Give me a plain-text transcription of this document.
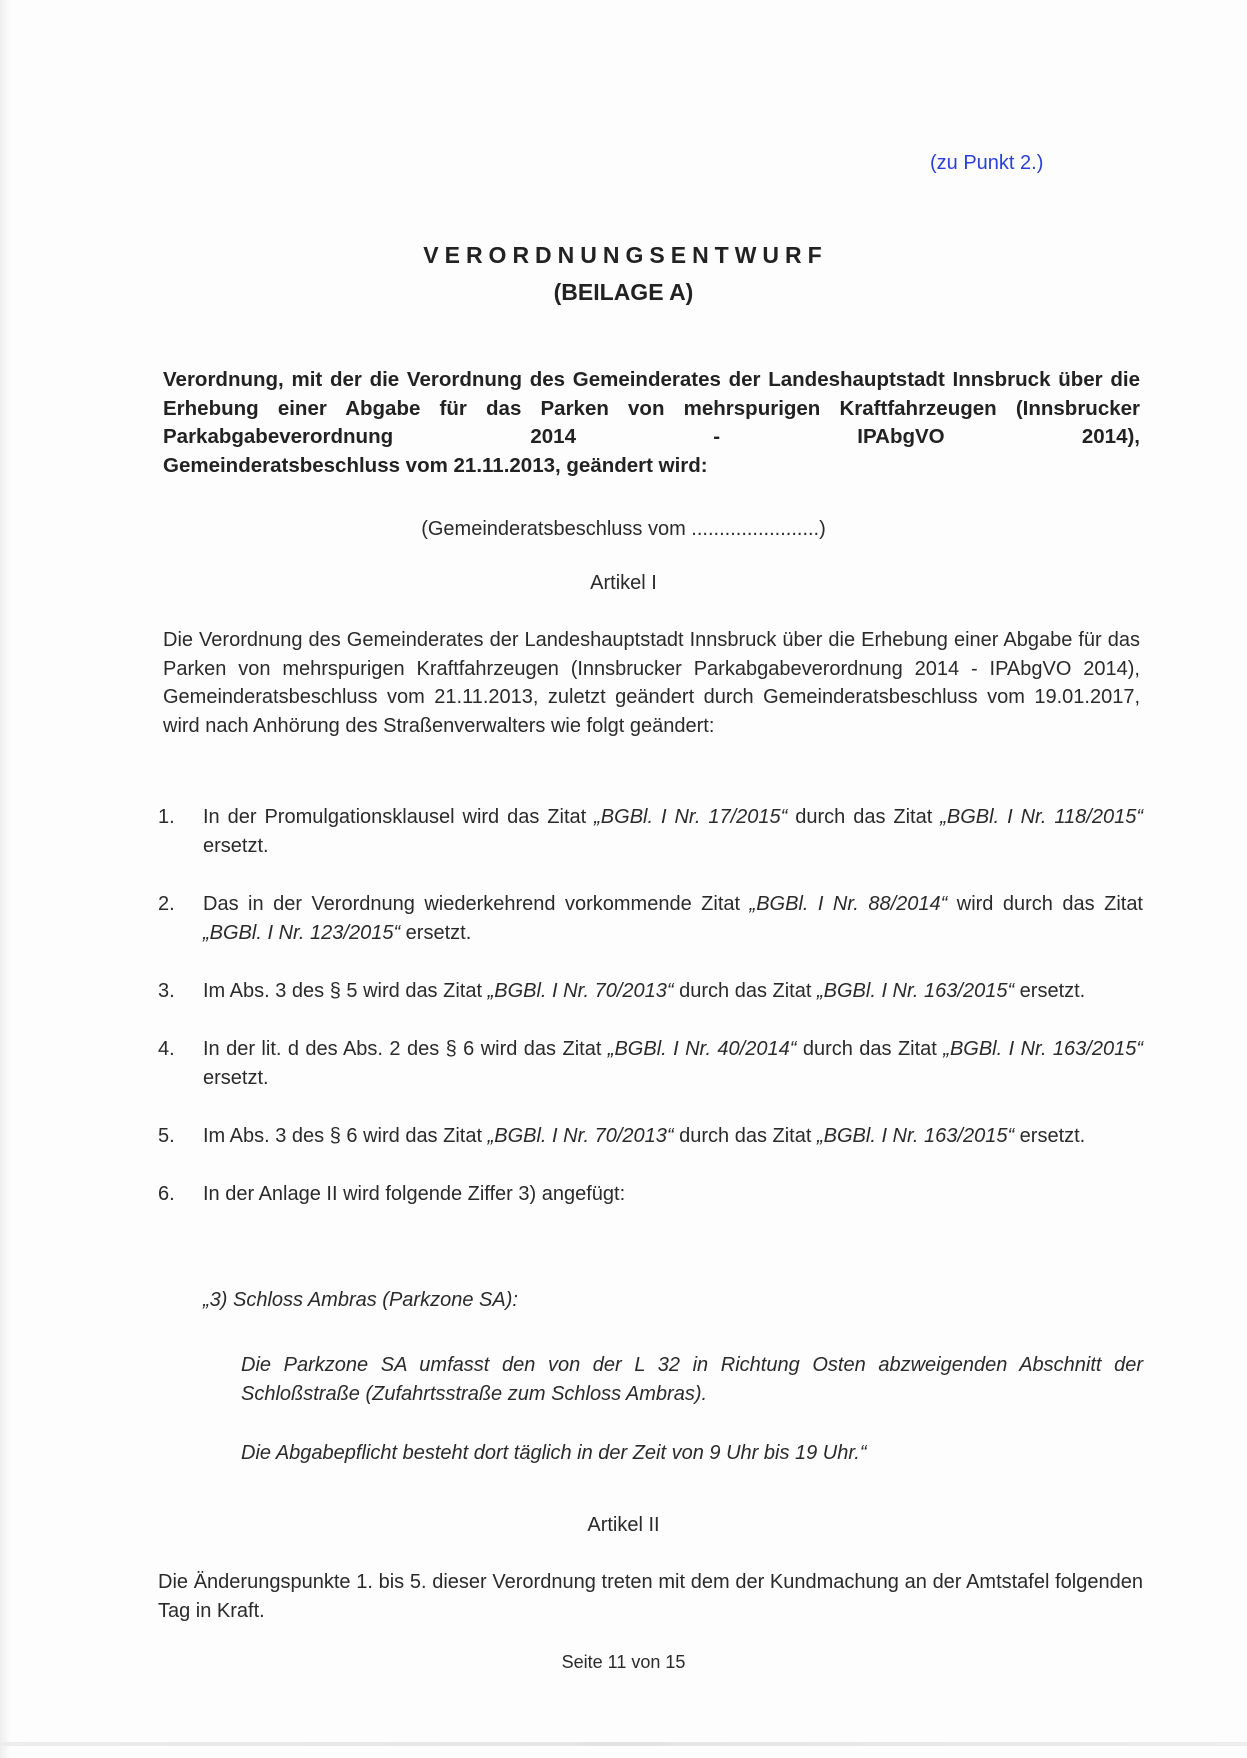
(zu Punkt 2.)
VERORDNUNGSENTWURF
(BEILAGE A)
Verordnung, mit der die Verordnung des Gemeinderates der Landeshauptstadt Innsbruck über die Erhebung einer Abgabe für das Parken von mehrspurigen Kraftfahrzeugen (Innsbrucker Parkabgabeverordnung 2014 - IPAbgVO 2014),
Gemeinderatsbeschluss vom 21.11.2013, geändert wird:
(Gemeinderatsbeschluss vom .......................)
Artikel I
Die Verordnung des Gemeinderates der Landeshauptstadt Innsbruck über die Erhebung einer Abgabe für das Parken von mehrspurigen Kraftfahrzeugen (Innsbrucker Parkabgabeverordnung 2014 - IPAbgVO 2014), Gemeinderatsbeschluss vom 21.11.2013, zuletzt geändert durch Gemeinderatsbeschluss vom 19.01.2017, wird nach Anhörung des Straßenverwalters wie folgt geändert:
1.	In der Promulgationsklausel wird das Zitat „BGBl. I Nr. 17/2015“ durch das Zitat „BGBl. I Nr. 118/2015“ ersetzt.
2.	Das in der Verordnung wiederkehrend vorkommende Zitat „BGBl. I Nr. 88/2014“ wird durch das Zitat „BGBl. I Nr. 123/2015“ ersetzt.
3.	Im Abs. 3 des § 5 wird das Zitat „BGBl. I Nr. 70/2013“ durch das Zitat „BGBl. I Nr. 163/2015“ ersetzt.
4.	In der lit. d des Abs. 2 des § 6 wird das Zitat „BGBl. I Nr. 40/2014“ durch das Zitat „BGBl. I Nr. 163/2015“ ersetzt.
5.	Im Abs. 3 des § 6 wird das Zitat „BGBl. I Nr. 70/2013“ durch das Zitat „BGBl. I Nr. 163/2015“ ersetzt.
6.	In der Anlage II wird folgende Ziffer 3) angefügt:

„3) Schloss Ambras (Parkzone SA):

Die Parkzone SA umfasst den von der L 32 in Richtung Osten abzweigenden Abschnitt der Schloßstraße (Zufahrtsstraße zum Schloss Ambras).

Die Abgabepflicht besteht dort täglich in der Zeit von 9 Uhr bis 19 Uhr.“

Artikel II
Die Änderungspunkte 1. bis 5. dieser Verordnung treten mit dem der Kundmachung an der Amtstafel folgenden Tag in Kraft.
Seite 11 von 15
